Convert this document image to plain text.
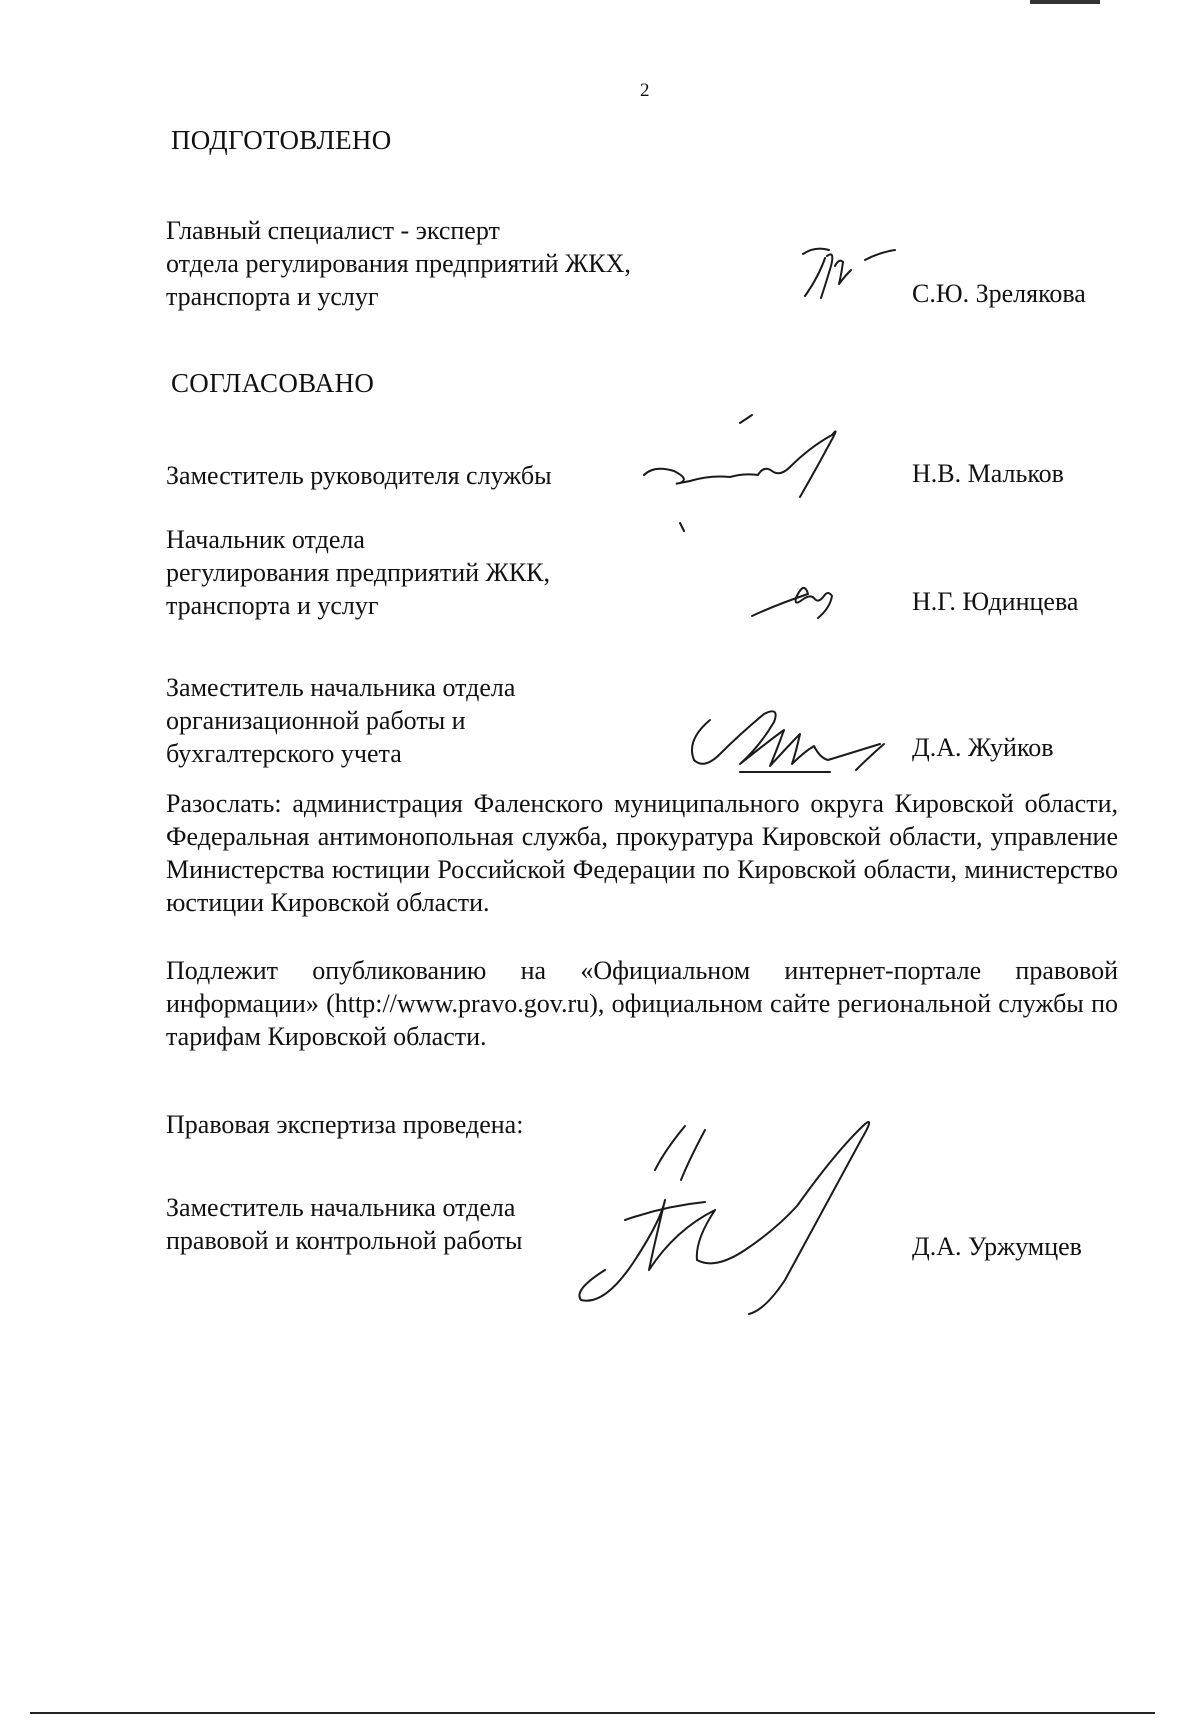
2
ПОДГОТОВЛЕНО
Главный специалист - эксперт
отдела регулирования предприятий ЖКХ,
транспорта и услуг	С.Ю. Зрелякова
СОГЛАСОВАНО
Заместитель руководителя службы	Н.В. Мальков
Начальник отдела
регулирования предприятий ЖКК,
транспорта и услуг	Н.Г. Юдинцева
Заместитель начальника отдела
организационной работы и
бухгалтерского учета	Д.А. Жуйков

Разослать: администрация Фаленского муниципального округа Кировской области, Федеральная антимонопольная служба, прокуратура Кировской области, управление Министерства юстиции Российской Федерации по Кировской области, министерство юстиции Кировской области.

Подлежит опубликованию на «Официальном интернет-портале правовой информации» (http://www.pravo.gov.ru), официальном сайте региональной службы по тарифам Кировской области.

Правовая экспертиза проведена:
Заместитель начальника отдела
правовой и контрольной работы	Д.А. Уржумцев
